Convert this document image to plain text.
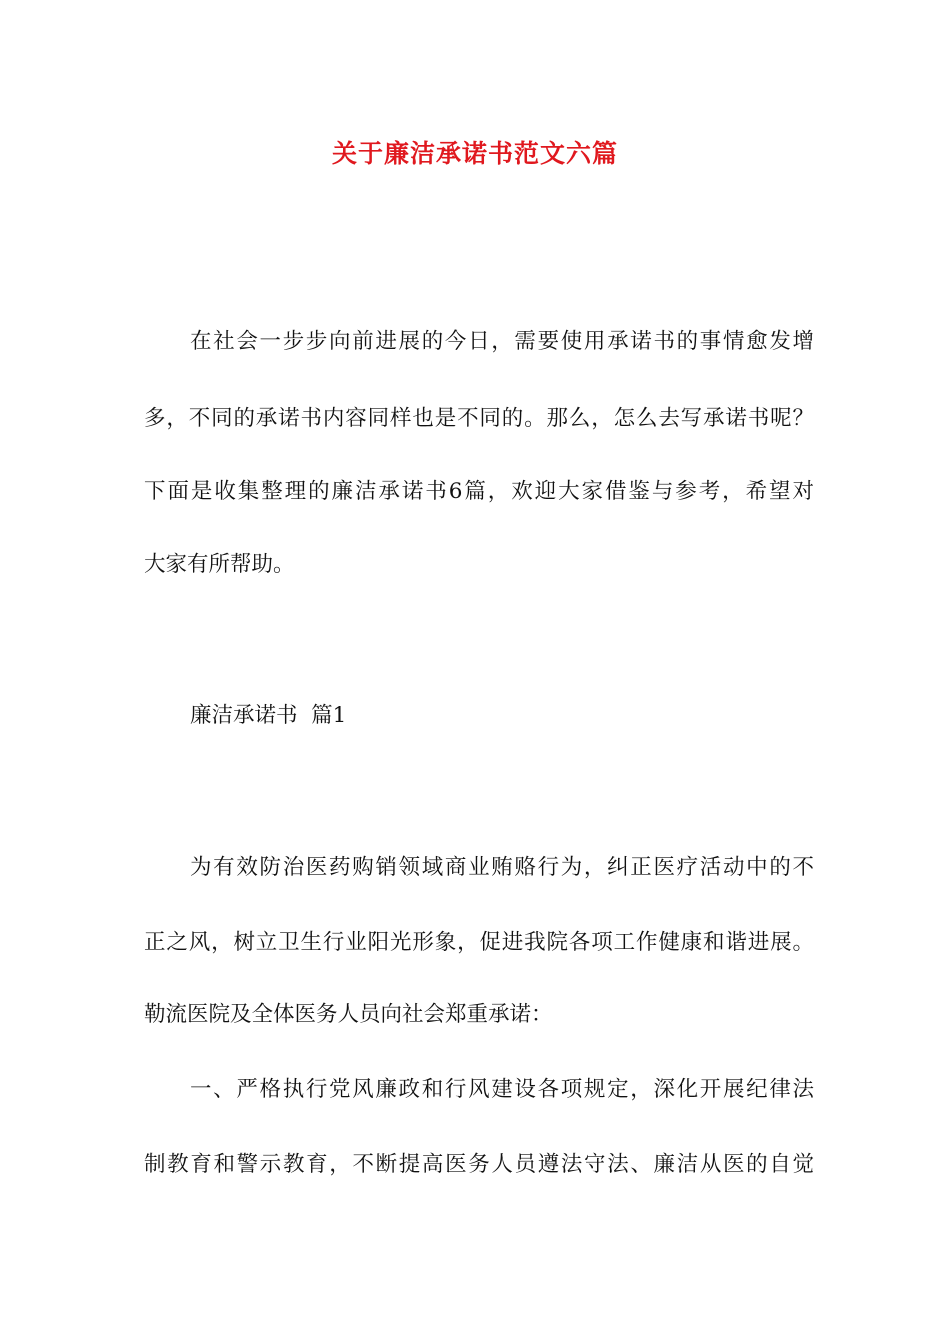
关于廉洁承诺书范文六篇
在社会一步步向前进展的今日，需要使用承诺书的事情愈发增
多，不同的承诺书内容同样也是不同的。那么，怎么去写承诺书呢？
下面是收集整理的廉洁承诺书6篇，欢迎大家借鉴与参考，希望对
大家有所帮助。
廉洁承诺书  篇1
为有效防治医药购销领域商业贿赂行为，纠正医疗活动中的不
正之风，树立卫生行业阳光形象，促进我院各项工作健康和谐进展。
勒流医院及全体医务人员向社会郑重承诺：
一、严格执行党风廉政和行风建设各项规定，深化开展纪律法
制教育和警示教育，不断提高医务人员遵法守法、廉洁从医的自觉
